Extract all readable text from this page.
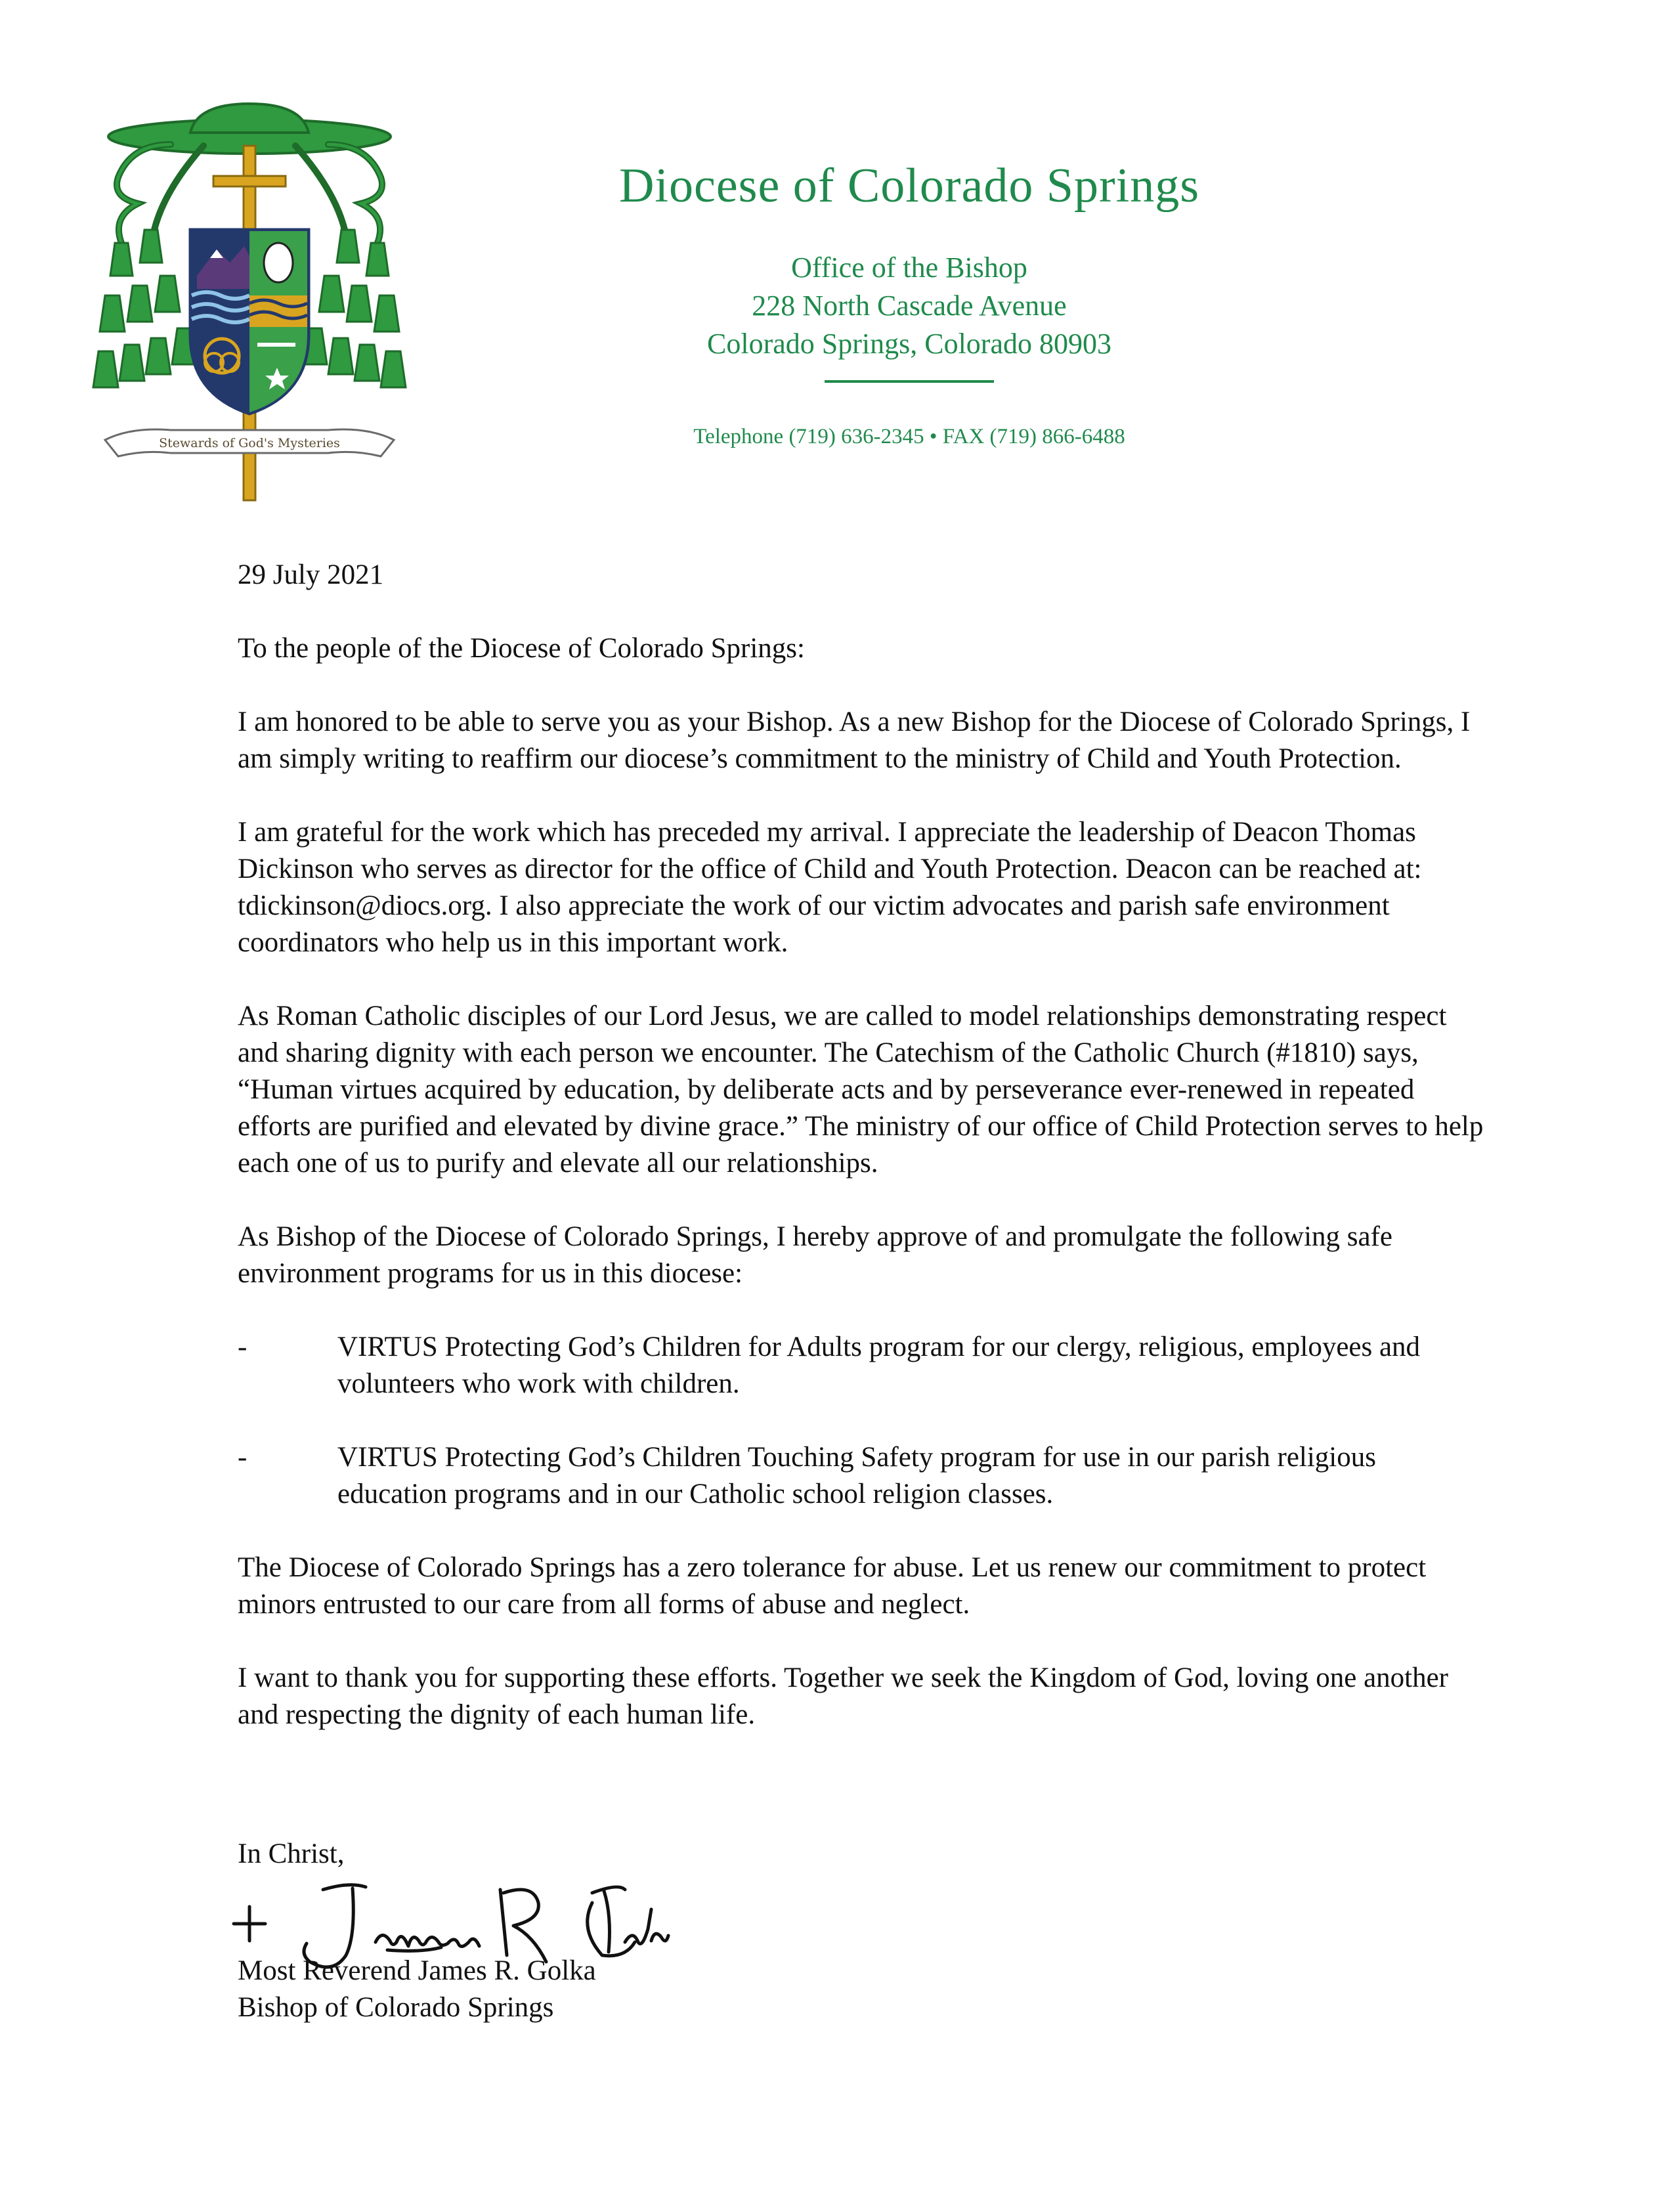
Stewards of God's Mysteries
Diocese of Colorado Springs
Office of the Bishop
228 North Cascade Avenue
Colorado Springs, Colorado 80903
Telephone (719) 636-2345 • FAX (719) 866-6488

29 July 2021

To the people of the Diocese of Colorado Springs:

I am honored to be able to serve you as your Bishop. As a new Bishop for the Diocese of Colorado Springs, I am simply writing to reaffirm our diocese’s commitment to the ministry of Child and Youth Protection.

I am grateful for the work which has preceded my arrival. I appreciate the leadership of Deacon Thomas Dickinson who serves as director for the office of Child and Youth Protection. Deacon can be reached at: tdickinson@diocs.org. I also appreciate the work of our victim advocates and parish safe environment coordinators who help us in this important work.

As Roman Catholic disciples of our Lord Jesus, we are called to model relationships demonstrating respect and sharing dignity with each person we encounter. The Catechism of the Catholic Church (#1810) says, “Human virtues acquired by education, by deliberate acts and by perseverance ever-renewed in repeated efforts are purified and elevated by divine grace.” The ministry of our office of Child Protection serves to help each one of us to purify and elevate all our relationships.

As Bishop of the Diocese of Colorado Springs, I hereby approve of and promulgate the following safe environment programs for us in this diocese:

-	VIRTUS Protecting God’s Children for Adults program for our clergy, religious, employees and volunteers who work with children.
-	VIRTUS Protecting God’s Children Touching Safety program for use in our parish religious education programs and in our Catholic school religion classes.

The Diocese of Colorado Springs has a zero tolerance for abuse. Let us renew our commitment to protect minors entrusted to our care from all forms of abuse and neglect.

I want to thank you for supporting these efforts. Together we seek the Kingdom of God, loving one another and respecting the dignity of each human life.

In Christ,
Most Reverend James R. Golka
Bishop of Colorado Springs
